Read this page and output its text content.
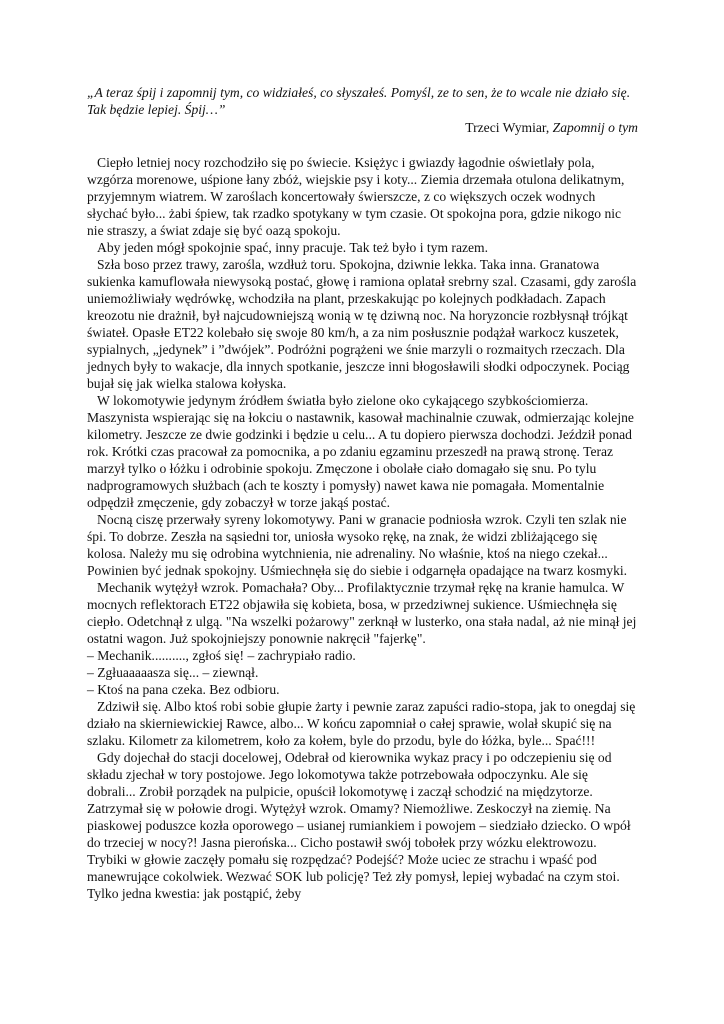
„A teraz śpij i zapomnij tym, co widziałeś, co słyszałeś. Pomyśl, ze to sen, że to wcale nie działo się. Tak będzie lepiej. Śpij…”

Trzeci Wymiar, Zapomnij o tym

Ciepło letniej nocy rozchodziło się po świecie. Księżyc i gwiazdy łagodnie oświetlały pola, wzgórza morenowe, uśpione łany zbóż, wiejskie psy i koty... Ziemia drzemała otulona delikatnym, przyjemnym wiatrem. W zaroślach koncertowały świerszcze, z co większych oczek wodnych słychać było... żabi śpiew, tak rzadko spotykany w tym czasie. Ot spokojna pora, gdzie nikogo nic nie straszy, a świat zdaje się być oazą spokoju.

Aby jeden mógł spokojnie spać, inny pracuje. Tak też było i tym razem.

Szła boso przez trawy, zarośla, wzdłuż toru. Spokojna, dziwnie lekka. Taka inna. Granatowa sukienka kamuflowała niewysoką postać, głowę i ramiona oplatał srebrny szal. Czasami, gdy zarośla uniemożliwiały wędrówkę, wchodziła na plant, przeskakując po kolejnych podkładach. Zapach kreozotu nie drażnił, był najcudowniejszą wonią w tę dziwną noc. Na horyzoncie rozbłysnął trójkąt świateł. Opasłe ET22 kolebało się swoje 80 km/h, a za nim posłusznie podążał warkocz kuszetek, sypialnych, „jedynek” i ”dwójek”. Podróżni pogrążeni we śnie marzyli o rozmaitych rzeczach. Dla jednych były to wakacje, dla innych spotkanie, jeszcze inni błogosławili słodki odpoczynek. Pociąg bujał się jak wielka stalowa kołyska.

W lokomotywie jedynym źródłem światła było zielone oko cykającego szybkościomierza. Maszynista wspierając się na łokciu o nastawnik, kasował machinalnie czuwak, odmierzając kolejne kilometry. Jeszcze ze dwie godzinki i będzie u celu... A tu dopiero pierwsza dochodzi. Jeździł ponad rok. Krótki czas pracował za pomocnika, a po zdaniu egzaminu przeszedł na prawą stronę. Teraz marzył tylko o łóżku i odrobinie spokoju. Zmęczone i obolałe ciało domagało się snu. Po tylu nadprogramowych służbach (ach te koszty i pomysły) nawet kawa nie pomagała. Momentalnie odpędził zmęczenie, gdy zobaczył w torze jakąś postać.

Nocną ciszę przerwały syreny lokomotywy. Pani w granacie podniosła wzrok. Czyli ten szlak nie śpi. To dobrze. Zeszła na sąsiedni tor, uniosła wysoko rękę, na znak, że widzi zbliżającego się kolosa. Należy mu się odrobina wytchnienia, nie adrenaliny. No właśnie, ktoś na niego czekał... Powinien być jednak spokojny. Uśmiechnęła się do siebie i odgarnęła opadające na twarz kosmyki.

Mechanik wytężył wzrok. Pomachała? Oby... Profilaktycznie trzymał rękę na kranie hamulca. W mocnych reflektorach ET22 objawiła się kobieta, bosa, w przedziwnej sukience. Uśmiechnęła się ciepło. Odetchnął z ulgą. "Na wszelki pożarowy" zerknął w lusterko, ona stała nadal, aż nie minął jej ostatni wagon. Już spokojniejszy ponownie nakręcił "fajerkę".

– Mechanik.........., zgłoś się! – zachrypiało radio.

– Zgłuaaaaasza się... – ziewnął.

– Ktoś na pana czeka. Bez odbioru.

Zdziwił się. Albo ktoś robi sobie głupie żarty i pewnie zaraz zapuści radio-stopa, jak to onegdaj się działo na skierniewickiej Rawce, albo... W końcu zapomniał o całej sprawie, wolał skupić się na szlaku. Kilometr za kilometrem, koło za kołem, byle do przodu, byle do łóżka, byle... Spać!!!

Gdy dojechał do stacji docelowej, Odebrał od kierownika wykaz pracy i po odczepieniu się od składu zjechał w tory postojowe. Jego lokomotywa także potrzebowała odpoczynku. Ale się dobrali... Zrobił porządek na pulpicie, opuścił lokomotywę i zaczął schodzić na międzytorze. Zatrzymał się w połowie drogi. Wytężył wzrok. Omamy? Niemożliwe. Zeskoczył na ziemię. Na piaskowej poduszce kozła oporowego – usianej rumiankiem i powojem – siedziało dziecko. O wpół do trzeciej w nocy?! Jasna pierońska... Cicho postawił swój tobołek przy wózku elektrowozu. Trybiki w głowie zaczęły pomału się rozpędzać? Podejść? Może uciec ze strachu i wpaść pod manewrujące cokolwiek. Wezwać SOK lub policję? Też zły pomysł, lepiej wybadać na czym stoi. Tylko jedna kwestia: jak postąpić, żeby
